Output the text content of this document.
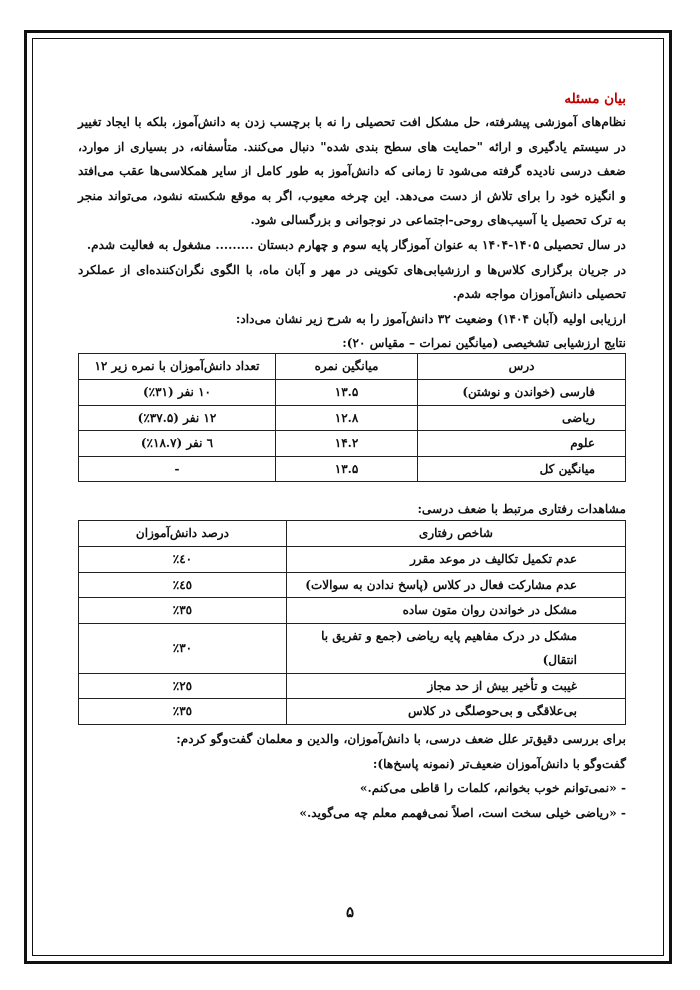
بیان مسئله

نظام‌های آموزشی پیشرفته، حل مشکل افت تحصیلی را نه با برچسب زدن به دانش‌آموز، بلکه با ایجاد تغییر
در سیستم یادگیری و ارائه "حمایت های سطح بندی شده" دنبال می‌کنند. متأسفانه، در بسیاری از موارد،
ضعف درسی نادیده گرفته می‌شود تا زمانی که دانش‌آموز به طور کامل از سایر همکلاسی‌ها عقب می‌افتد
و انگیزه خود را برای تلاش از دست می‌دهد. این چرخه معیوب، اگر به موقع شکسته نشود، می‌تواند منجر
به ترک تحصیل یا آسیب‌های روحی-اجتماعی در نوجوانی و بزرگسالی شود.

در سال تحصیلی ۱۴۰۵-۱۴۰۴ به عنوان آموزگار پایه سوم و چهارم دبستان ......... مشغول به فعالیت شدم.

در جریان برگزاری کلاس‌ها و ارزشیابی‌های تکوینی در مهر و آبان ماه، با الگوی نگران‌کننده‌ای از عملکرد
تحصیلی دانش‌آموزان مواجه شدم.

ارزیابی اولیه (آبان ۱۴۰۴) وضعیت ۳۲ دانش‌آموز را به شرح زیر نشان می‌داد:

نتایج ارزشیابی تشخیصی (میانگین نمرات – مقیاس ۲۰):

درس	میانگین نمره	تعداد دانش‌آموزان با نمره زیر ۱۲
فارسی (خواندن و نوشتن)	۱۳.۵	۱۰ نفر (۳۱٪)
ریاضی	۱۲.۸	۱۲ نفر (۳۷.۵٪)
علوم	۱۴.۲	٦ نفر (۱۸.۷٪)
میانگین کل	۱۳.۵	-

مشاهدات رفتاری مرتبط با ضعف درسی:

شاخص رفتاری	درصد دانش‌آموزان
عدم تکمیل تکالیف در موعد مقرر	٤٠٪
عدم مشارکت فعال در کلاس (پاسخ ندادن به سوالات)	٤٥٪
مشکل در خواندن روان متون ساده	٣٥٪
مشکل در درک مفاهیم پایه ریاضی (جمع و تفریق با انتقال)	٣٠٪
غیبت و تأخیر بیش از حد مجاز	٢٥٪
بی‌علاقگی و بی‌حوصلگی در کلاس	٣٥٪

برای بررسی دقیق‌تر علل ضعف درسی، با دانش‌آموزان، والدین و معلمان گفت‌وگو کردم:

گفت‌وگو با دانش‌آموزان ضعیف‌تر (نمونه پاسخ‌ها):

- «نمی‌توانم خوب بخوانم، کلمات را قاطی می‌کنم.»

- «ریاضی خیلی سخت است، اصلاً نمی‌فهمم معلم چه می‌گوید.»

۵
